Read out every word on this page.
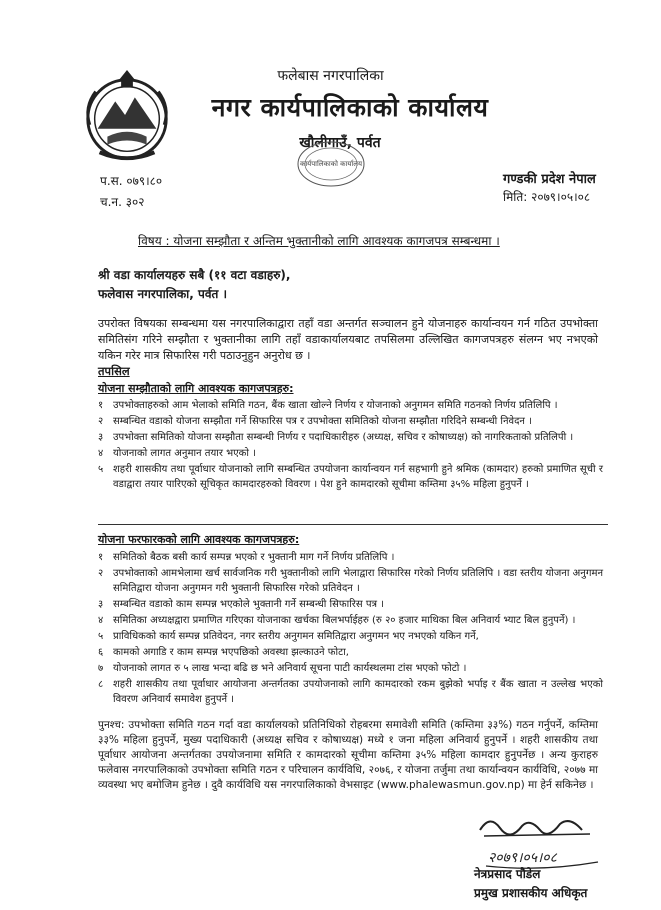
फलेबास नगरपालिका
नगर कार्यपालिकाको कार्यालय
खौलीगाउँ, पर्वत
कार्यपालिकाको कार्यालय
प.स. ०७९।८०
च.न. ३०२
गण्डकी प्रदेश नेपाल
मिति: २०७९।०५।०८
विषय : योजना सम्झौता र अन्तिम भुक्तानीको लागि आवश्यक कागजपत्र सम्बन्धमा ।
श्री वडा कार्यालयहरु सबै (११ वटा वडाहरु),
फलेवास नगरपालिका, पर्वत ।
उपरोक्त विषयका सम्बन्धमा यस नगरपालिकाद्वारा तहाँ वडा अन्तर्गत सञ्चालन हुने योजनाहरु कार्यान्वयन गर्न गठित उपभोक्ता समितिसंग गरिने सम्झौता र भुक्तानीका लागि तहाँ वडाकार्यालयबाट तपसिलमा उल्लिखित कागजपत्रहरु संलग्न भए नभएको यकिन गरेर मात्र सिफारिस गरी पठाउनुहुन अनुरोध छ ।
तपसिल
योजना सम्झौताको लागि आवश्यक कागजपत्रहरु:
१ उपभोक्ताहरुको आम भेलाको समिति गठन, बैंक खाता खोल्ने निर्णय र योजनाको अनुगमन समिति गठनको निर्णय प्रतिलिपि ।
२ सम्बन्धित वडाको योजना सम्झौता गर्ने सिफारिस पत्र र उपभोक्ता समितिको योजना सम्झौता गरिदिने सम्बन्धी निवेदन ।
३ उपभोक्ता समितिको योजना सम्झौता सम्बन्धी निर्णय र पदाधिकारीहरु (अध्यक्ष, सचिव र कोषाध्यक्ष) को नागरिकताको प्रतिलिपी ।
४ योजनाको लागत अनुमान तयार भएको ।
५ शहरी शासकीय तथा पूर्वाधार योजनाको लागि सम्बन्धित उपयोजना कार्यान्वयन गर्न सहभागी हुने श्रमिक (कामदार) हरुको प्रमाणित सूची र वडाद्वारा तयार पारिएको सूचिकृत कामदारहरुको विवरण । पेश हुने कामदारको सूचीमा कम्तिमा ३५% महिला हुनुपर्ने ।
योजना फरफारकको लागि आवश्यक कागजपत्रहरु:
१ समितिको बैठक बसी कार्य सम्पन्न भएको र भुक्तानी माग गर्ने निर्णय प्रतिलिपि ।
२ उपभोक्ताको आमभेलामा खर्च सार्वजनिक गरी भुक्तानीको लागि भेलाद्वारा सिफारिस गरेको निर्णय प्रतिलिपि । वडा स्तरीय योजना अनुगमन समितिद्वारा योजना अनुगमन गरी भुक्तानी सिफारिस गरेको प्रतिवेदन ।
३ सम्बन्धित वडाको काम सम्पन्न भएकोले भुक्तानी गर्ने सम्बन्धी सिफारिस पत्र ।
४ समितिका अध्यक्षद्वारा प्रमाणित गरिएका योजनाका खर्चका बिलभर्पाईहरु (रु २० हजार माथिका बिल अनिवार्य भ्याट बिल हुनुपर्ने) ।
५ प्राविधिकको कार्य सम्पन्न प्रतिवेदन, नगर स्तरीय अनुगमन समितिद्वारा अनुगमन भए नभएको यकिन गर्ने,
६ कामको अगाडि र काम सम्पन्न भएपछिको अवस्था झल्काउने फोटा,
७ योजनाको लागत रु ५ लाख भन्दा बढि छ भने अनिवार्य सूचना पाटी कार्यस्थलमा टांस भएको फोटो ।
८ शहरी शासकीय तथा पूर्वाधार आयोजना अन्तर्गतका उपयोजनाको लागि कामदारको रकम बुझेको भर्पाइ र बैंक खाता न उल्लेख भएको विवरण अनिवार्य समावेश हुनुपर्ने ।
पुनश्च: उपभोक्ता समिति गठन गर्दा वडा कार्यालयको प्रतिनिधिको रोहबरमा समावेशी समिति (कम्तिमा ३३%) गठन गर्नुपर्ने, कम्तिमा ३३% महिला हुनुपर्ने, मुख्य पदाधिकारी (अध्यक्ष सचिव र कोषाध्यक्ष) मध्ये १ जना महिला अनिवार्य हुनुपर्ने । शहरी शासकीय तथा पूर्वाधार आयोजना अन्तर्गतका उपयोजनामा समिति र कामदारको सूचीमा कम्तिमा ३५% महिला कामदार हुनुपर्नेछ । अन्य कुराहरु फलेवास नगरपालिकाको उपभोक्ता समिति गठन र परिचालन कार्यविधि, २०७६, र योजना तर्जुमा तथा कार्यान्वयन कार्यविधि, २०७७ मा व्यवस्था भए बमोजिम हुनेछ । दुवै कार्यविधि यस नगरपालिकाको वेभसाइट (www.phalewasmun.gov.np) मा हेर्न सकिनेछ ।
२०७९।०५।०८
नेत्रप्रसाद पौडेल
प्रमुख प्रशासकीय अधिकृत
